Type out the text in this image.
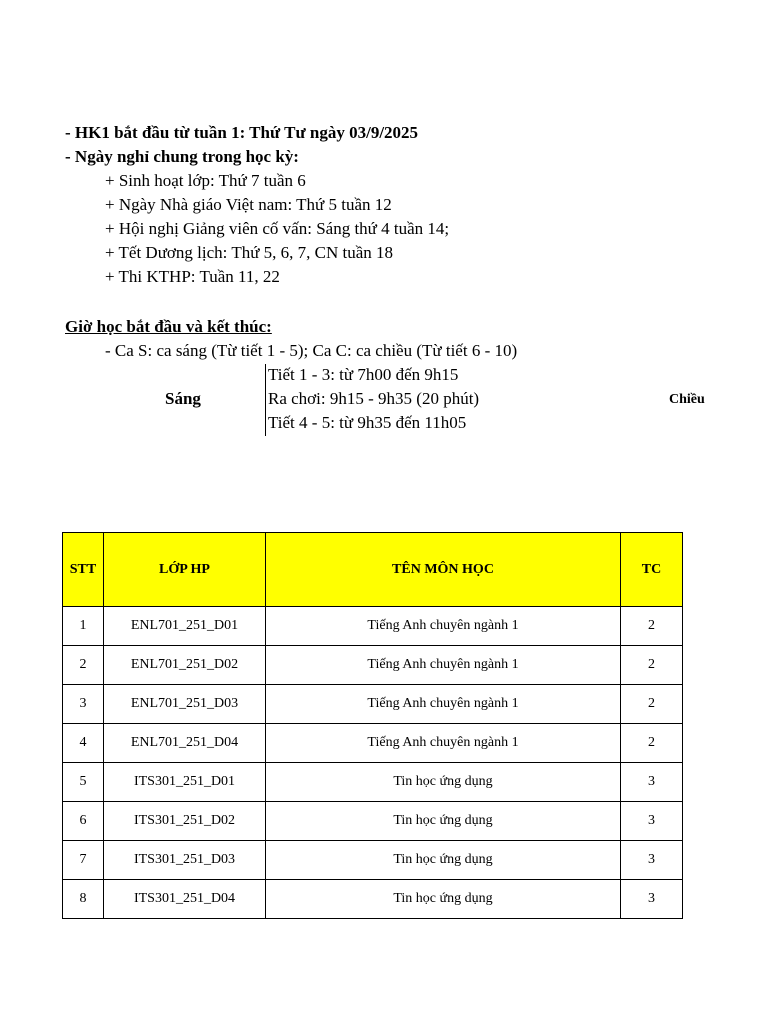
- HK1 bắt đầu từ tuần 1: Thứ Tư ngày 03/9/2025
- Ngày nghỉ chung trong học kỳ:
+ Sinh hoạt lớp: Thứ 7 tuần 6
+ Ngày Nhà giáo Việt nam: Thứ 5 tuần 12
+ Hội nghị Giảng viên cố vấn: Sáng thứ 4 tuần 14;
+ Tết Dương lịch: Thứ 5, 6, 7, CN tuần 18
+ Thi KTHP: Tuần 11, 22
Giờ học bắt đầu và kết thúc:
- Ca S: ca sáng (Từ tiết 1 - 5); Ca C: ca chiều (Từ tiết 6 - 10)
Sáng
Tiết 1 - 3: từ 7h00 đến 9h15
Ra chơi: 9h15 - 9h35 (20 phút)
Tiết 4 - 5: từ 9h35 đến 11h05
Chiều
STT	LỚP HP	TÊN MÔN HỌC	TC
1	ENL701_251_D01	Tiếng Anh chuyên ngành 1	2
2	ENL701_251_D02	Tiếng Anh chuyên ngành 1	2
3	ENL701_251_D03	Tiếng Anh chuyên ngành 1	2
4	ENL701_251_D04	Tiếng Anh chuyên ngành 1	2
5	ITS301_251_D01	Tin học ứng dụng	3
6	ITS301_251_D02	Tin học ứng dụng	3
7	ITS301_251_D03	Tin học ứng dụng	3
8	ITS301_251_D04	Tin học ứng dụng	3
